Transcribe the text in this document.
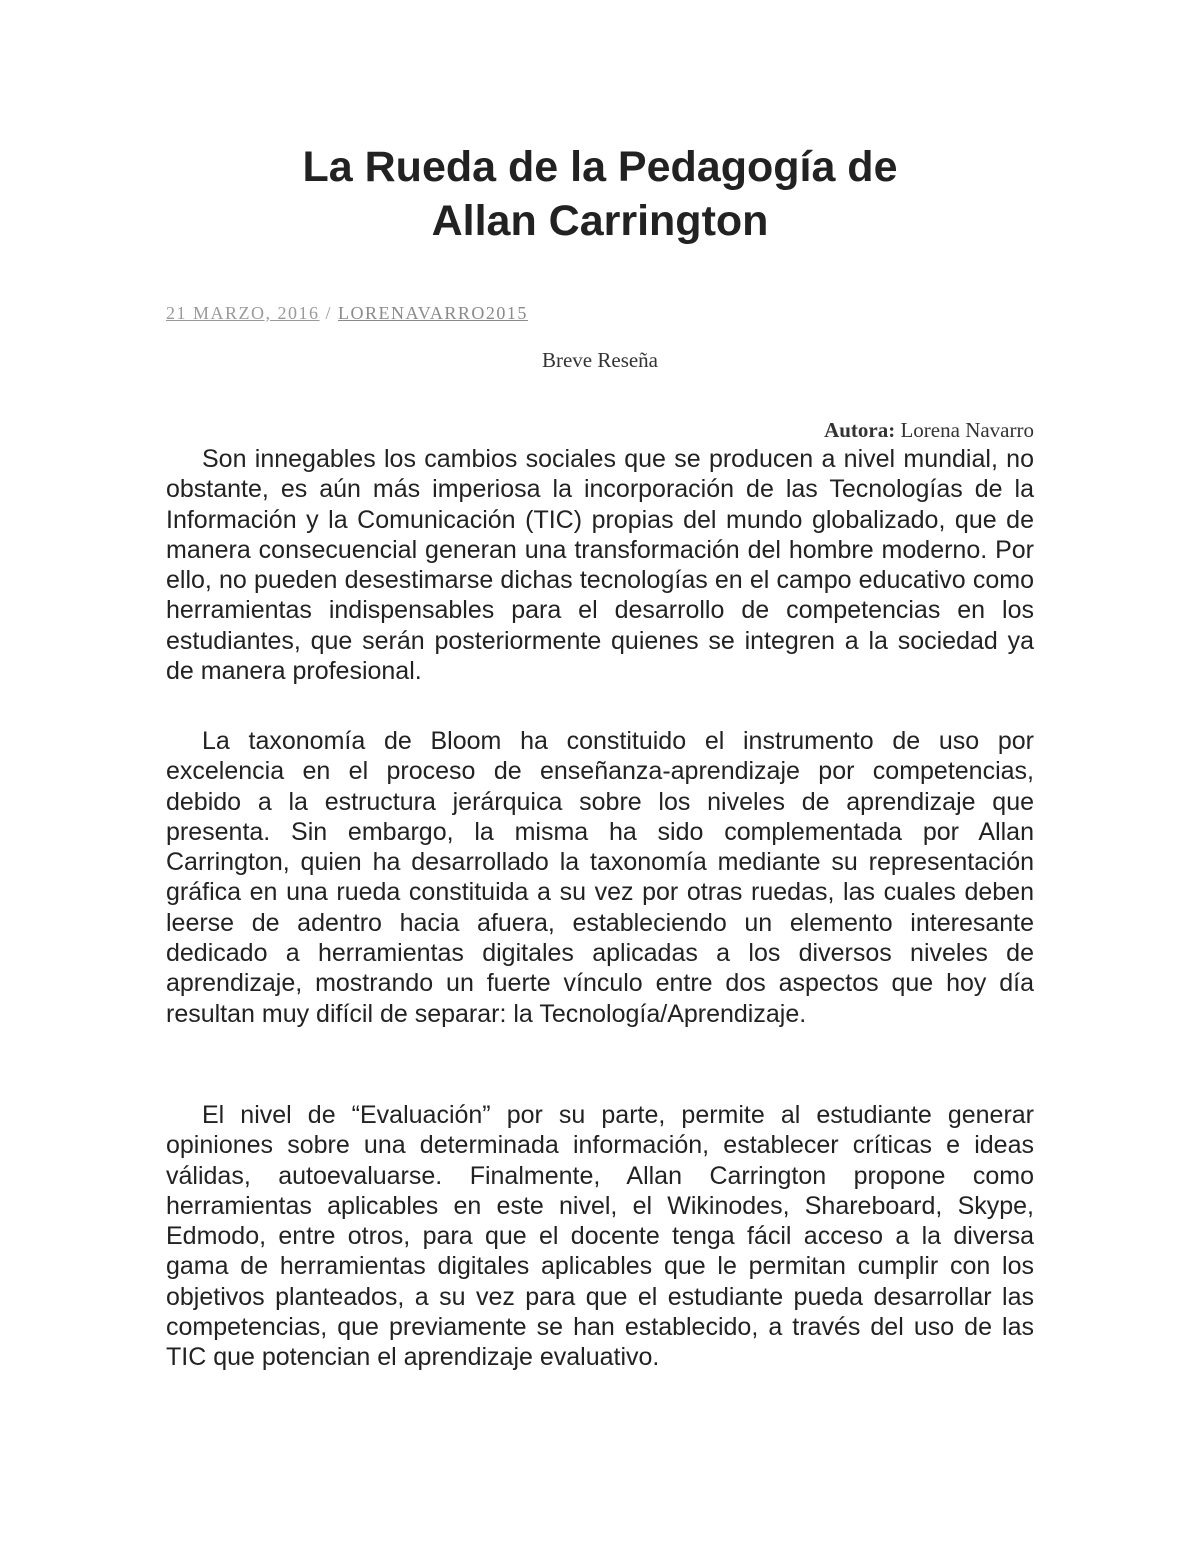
La Rueda de la Pedagogía de
Allan Carrington
21 MARZO, 2016 / LORENAVARRO2015

Breve Reseña

Autora: Lorena Navarro

Son innegables los cambios sociales que se producen a nivel mundial, no obstante, es aún más imperiosa la incorporación de las Tecnologías de la Información y la Comunicación (TIC) propias del mundo globalizado, que de manera consecuencial generan una transformación del hombre moderno. Por ello, no pueden desestimarse dichas tecnologías en el campo educativo como herramientas indispensables para el desarrollo de competencias en los estudiantes, que serán posteriormente quienes se integren a la sociedad ya de manera profesional.

La taxonomía de Bloom ha constituido el instrumento de uso por excelencia en el proceso de enseñanza-aprendizaje por competencias, debido a la estructura jerárquica sobre los niveles de aprendizaje que presenta. Sin embargo, la misma ha sido complementada por Allan Carrington, quien ha desarrollado la taxonomía mediante su representación gráfica en una rueda constituida a su vez por otras ruedas, las cuales deben leerse de adentro hacia afuera, estableciendo un elemento interesante dedicado a herramientas digitales aplicadas a los diversos niveles de aprendizaje, mostrando un fuerte vínculo entre dos aspectos que hoy día resultan muy difícil de separar: la Tecnología/Aprendizaje.

El nivel de “Evaluación” por su parte, permite al estudiante generar opiniones sobre una determinada información, establecer críticas e ideas válidas, autoevaluarse. Finalmente, Allan Carrington propone como herramientas aplicables en este nivel, el Wikinodes, Shareboard, Skype, Edmodo, entre otros, para que el docente tenga fácil acceso a la diversa gama de herramientas digitales aplicables que le permitan cumplir con los objetivos planteados, a su vez para que el estudiante pueda desarrollar las competencias, que previamente se han establecido, a través del uso de las TIC que potencian el aprendizaje evaluativo.
